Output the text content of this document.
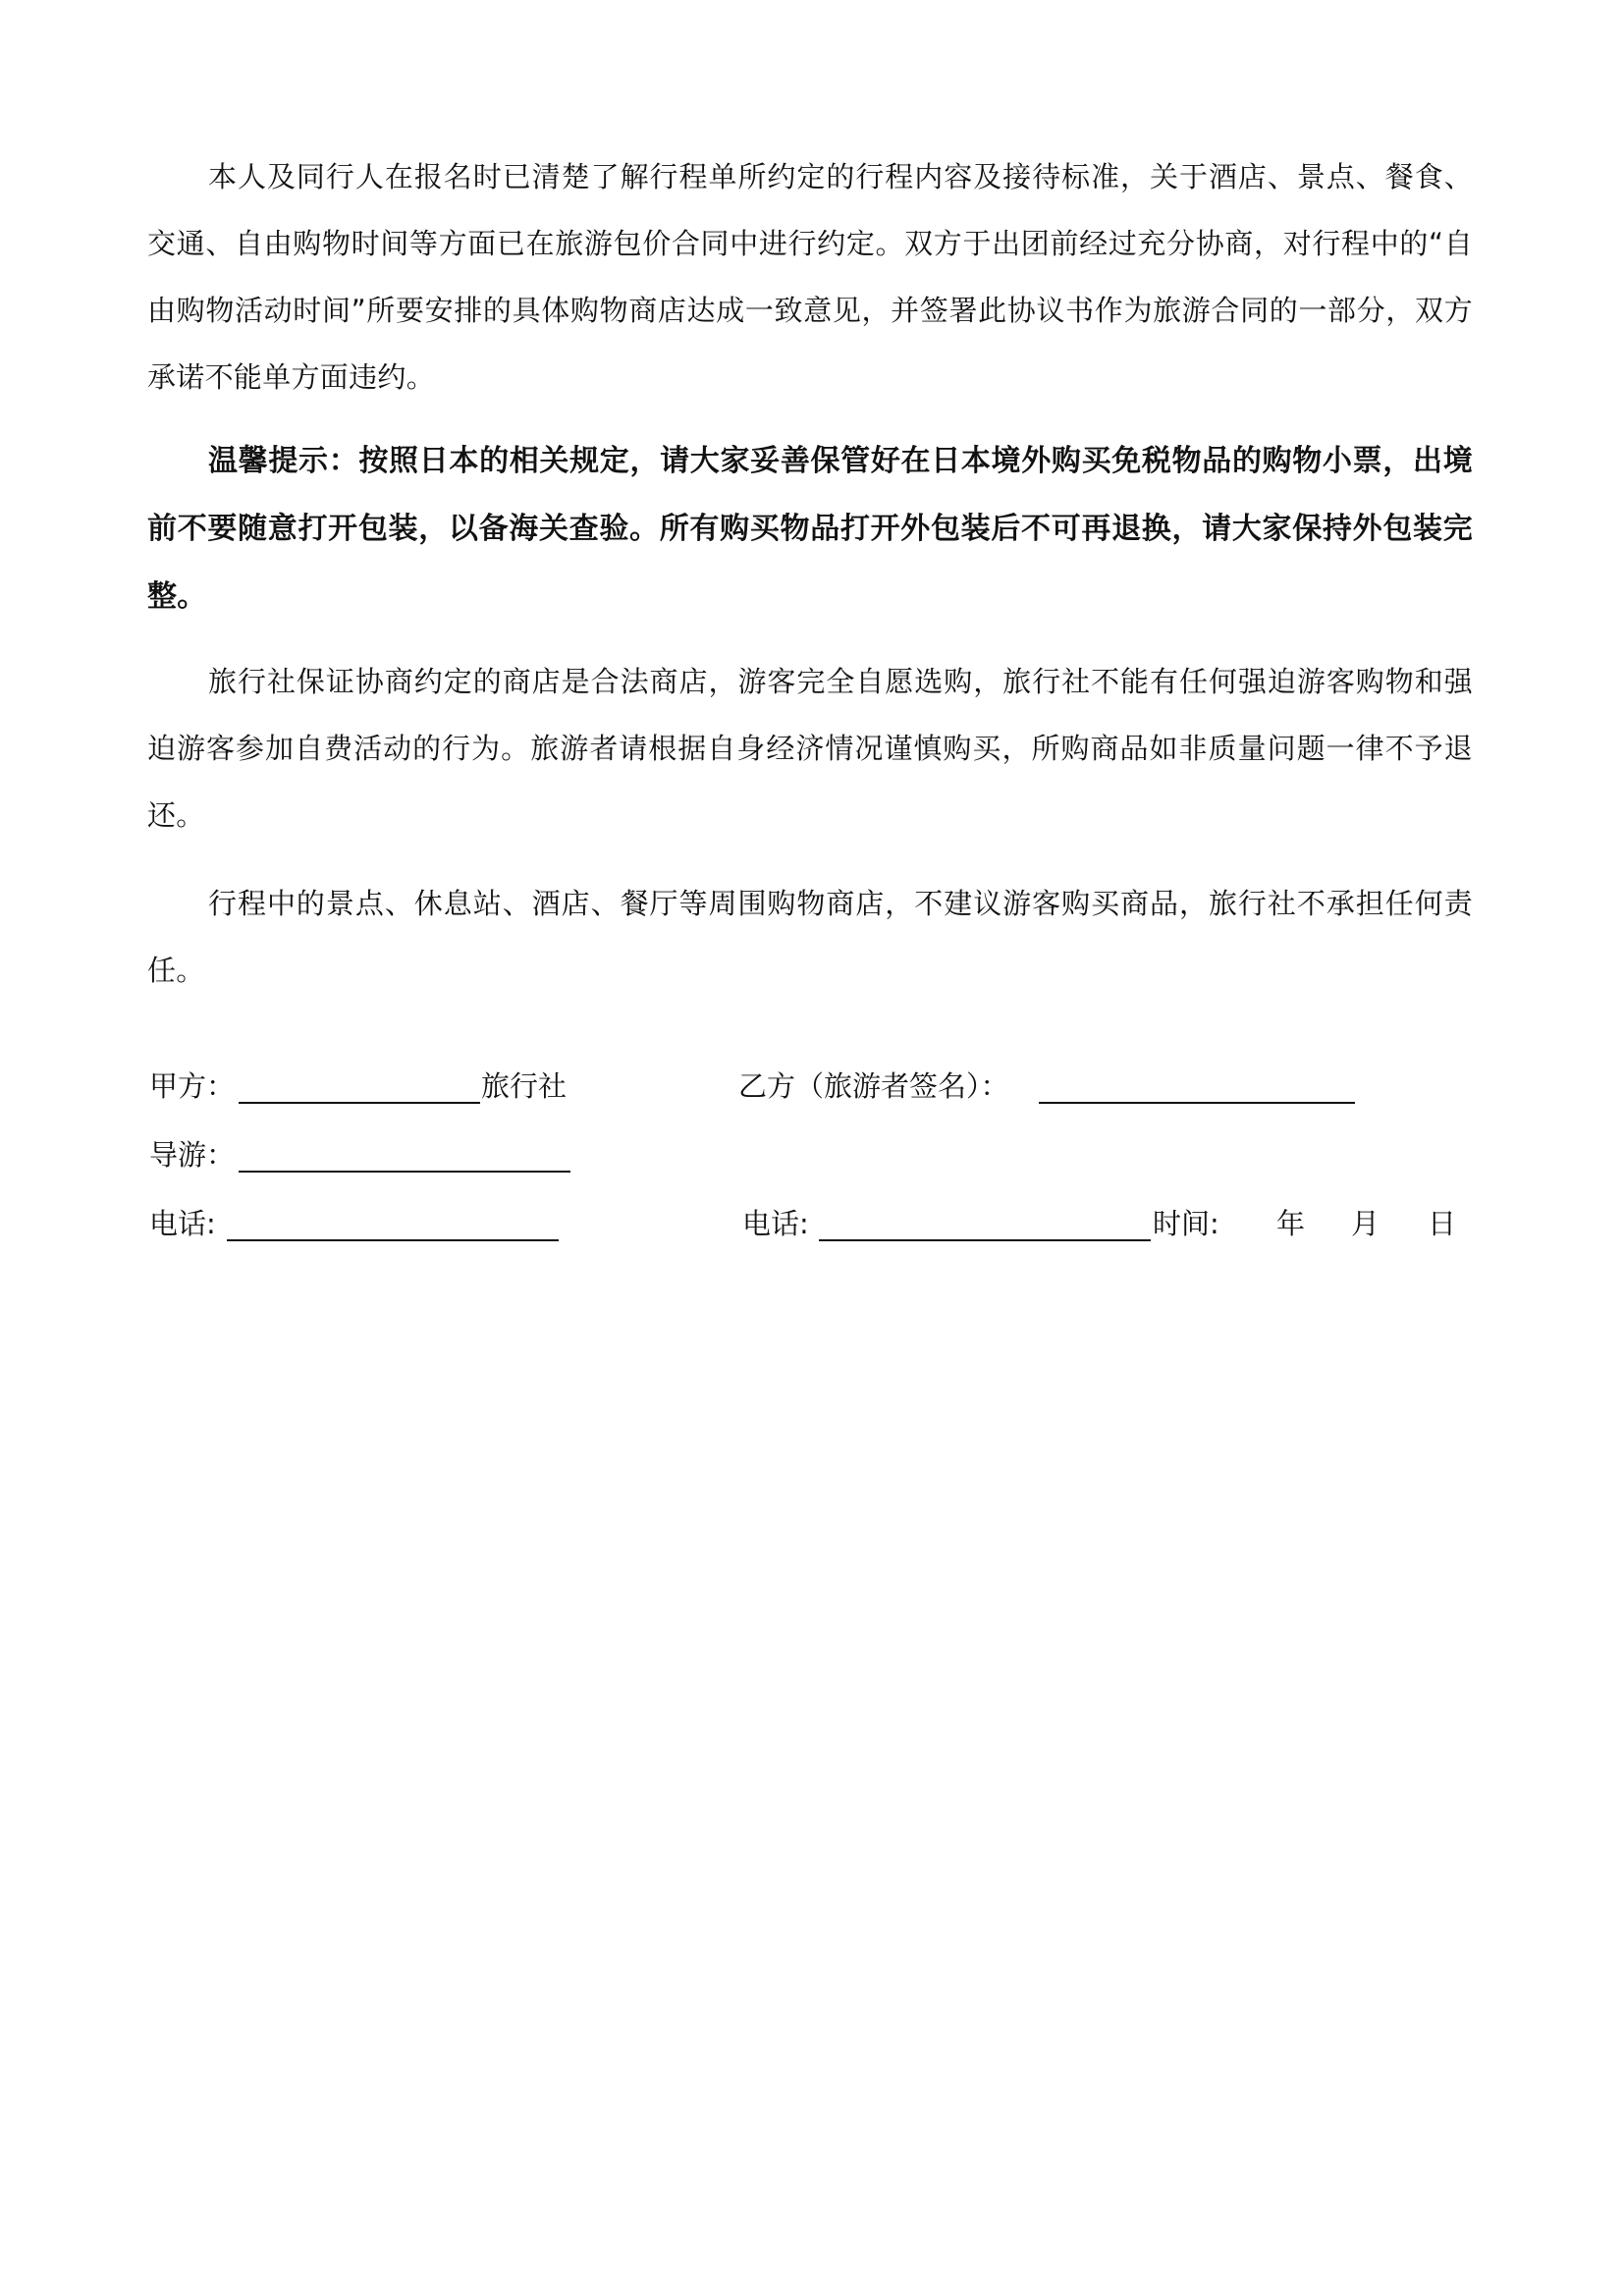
本人及同行人在报名时已清楚了解行程单所约定的行程内容及接待标准，关于酒店、景点、餐食、交通、自由购物时间等方面已在旅游包价合同中进行约定。双方于出团前经过充分协商，对行程中的“自由购物活动时间”所要安排的具体购物商店达成一致意见，并签署此协议书作为旅游合同的一部分，双方承诺不能单方面违约。

温馨提示：按照日本的相关规定，请大家妥善保管好在日本境外购买免税物品的购物小票，出境前不要随意打开包装，以备海关查验。所有购买物品打开外包装后不可再退换，请大家保持外包装完整。

旅行社保证协商约定的商店是合法商店，游客完全自愿选购，旅行社不能有任何强迫游客购物和强迫游客参加自费活动的行为。旅游者请根据自身经济情况谨慎购买，所购商品如非质量问题一律不予退还。

行程中的景点、休息站、酒店、餐厅等周围购物商店，不建议游客购买商品，旅行社不承担任何责任。

甲方：	旅行社	乙方（旅游者签名）：
导游：
电话:	电话:	时间: 年 月 日
